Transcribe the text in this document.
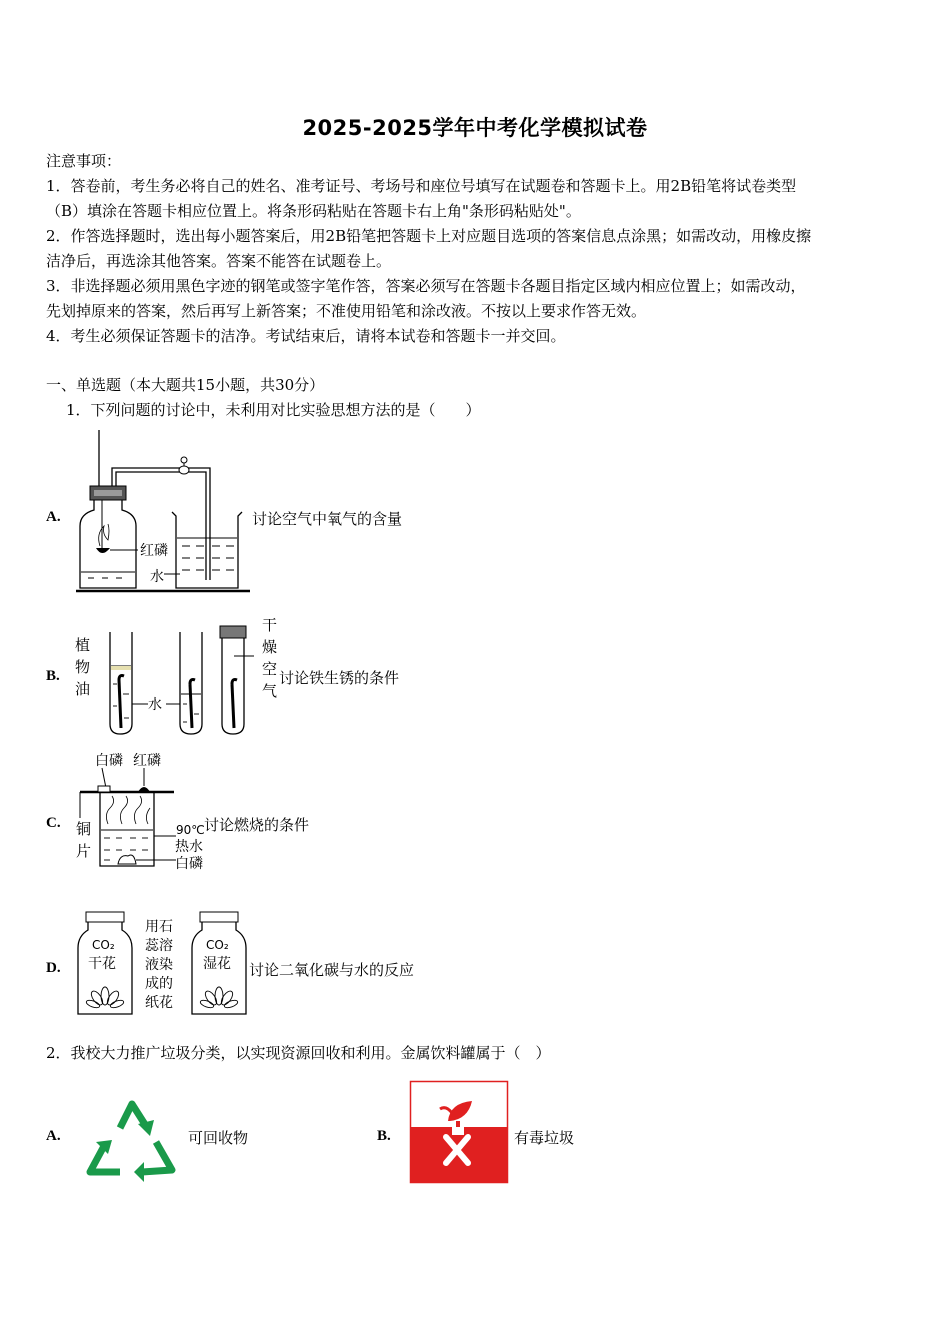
2025-2025学年中考化学模拟试卷
注意事项：
1．答卷前，考生务必将自己的姓名、准考证号、考场号和座位号填写在试题卷和答题卡上。用2B铅笔将试卷类型
（B）填涂在答题卡相应位置上。将条形码粘贴在答题卡右上角"条形码粘贴处"。
2．作答选择题时，选出每小题答案后，用2B铅笔把答题卡上对应题目选项的答案信息点涂黑；如需改动，用橡皮擦
洁净后，再选涂其他答案。答案不能答在试题卷上。
3．非选择题必须用黑色字迹的钢笔或签字笔作答，答案必须写在答题卡各题目指定区域内相应位置上；如需改动，
先划掉原来的答案，然后再写上新答案；不准使用铅笔和涂改液。不按以上要求作答无效。
4．考生必须保证答题卡的洁净。考试结束后，请将本试卷和答题卡一并交回。
一、单选题（本大题共15小题，共30分）
1．下列问题的讨论中，未利用对比实验思想方法的是（　　）
A.
红磷
水
讨论空气中氧气的含量
B.
植物油
水
干燥空气
讨论铁生锈的条件
C.
白磷 红磷
铜片
90℃
热水
白磷
讨论燃烧的条件
D.
CO₂
干花
用石蕊溶液染成的纸花
CO₂
湿花 讨论二氧化碳与水的反应
2．我校大力推广垃圾分类，以实现资源回收和利用。金属饮料罐属于（　）
A.	可回收物	B.	有毒垃圾
